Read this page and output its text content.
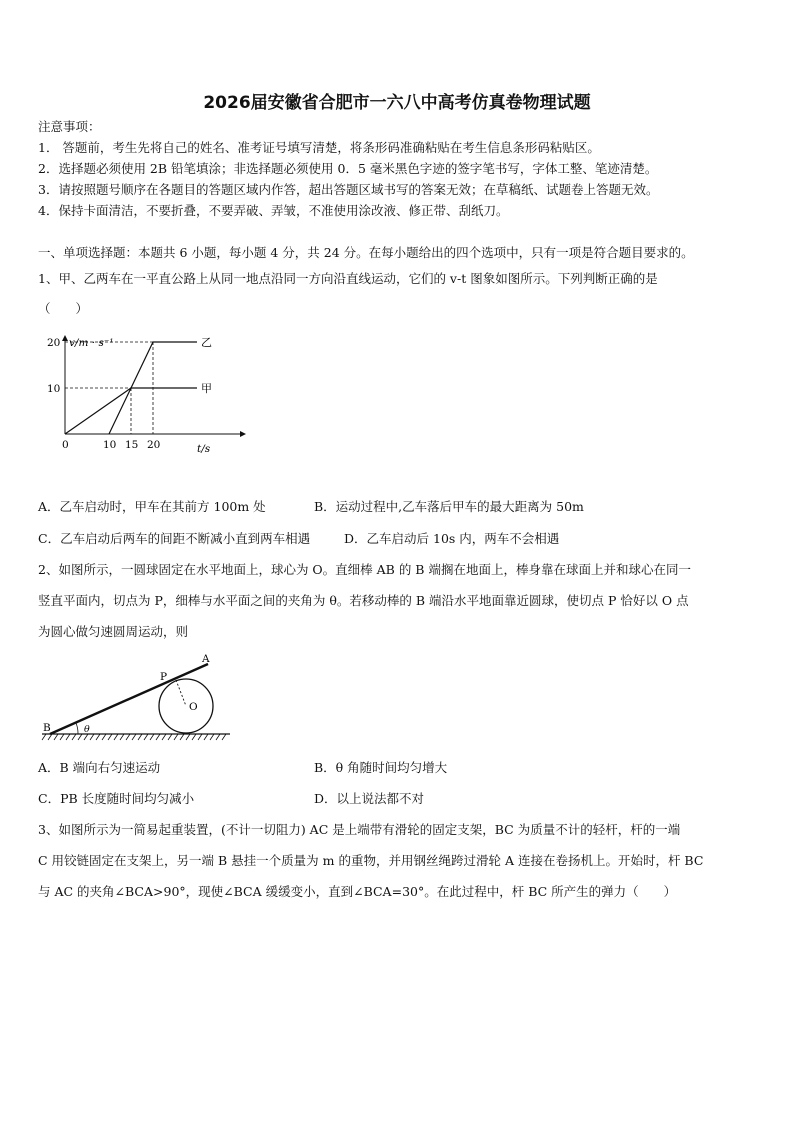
2026届安徽省合肥市一六八中高考仿真卷物理试题
注意事项：
1． 答题前，考生先将自己的姓名、准考证号填写清楚，将条形码准确粘贴在考生信息条形码粘贴区。
2．选择题必须使用 2B 铅笔填涂；非选择题必须使用 0．5 毫米黑色字迹的签字笔书写，字体工整、笔迹清楚。
3．请按照题号顺序在各题目的答题区域内作答，超出答题区域书写的答案无效；在草稿纸、试题卷上答题无效。
4．保持卡面清洁，不要折叠，不要弄破、弄皱，不准使用涂改液、修正带、刮纸刀。
一、单项选择题：本题共 6 小题，每小题 4 分，共 24 分。在每小题给出的四个选项中，只有一项是符合题目要求的。
1、甲、乙两车在一平直公路上从同一地点沿同一方向沿直线运动，它们的 v-t 图象如图所示。下列判断正确的是
（　　）
甲
乙
0	10 15 20
10
20 v/m · s⁻¹
t/s
A．乙车启动时，甲车在其前方 100m 处	B．运动过程中,乙车落后甲车的最大距离为 50m
C．乙车启动后两车的间距不断减小直到两车相遇	D．乙车启动后 10s 内，两车不会相遇
2、如图所示，一圆球固定在水平地面上，球心为 O。直细棒 AB 的 B 端搁在地面上，棒身靠在球面上并和球心在同一
竖直平面内，切点为 P，细棒与水平面之间的夹角为 θ。若移动棒的 B 端沿水平地面靠近圆球，使切点 P 恰好以 O 点
为圆心做匀速圆周运动，则
A
P
O
B	θ
A．B 端向右匀速运动	B．θ 角随时间均匀增大
C．PB 长度随时间均匀减小	D．以上说法都不对
3、如图所示为一简易起重装置，(不计一切阻力) AC 是上端带有滑轮的固定支架，BC 为质量不计的轻杆，杆的一端
C 用铰链固定在支架上，另一端 B 悬挂一个质量为 m 的重物，并用钢丝绳跨过滑轮 A 连接在卷扬机上。开始时，杆 BC
与 AC 的夹角∠BCA>90°，现使∠BCA 缓缓变小，直到∠BCA=30°。在此过程中，杆 BC 所产生的弹力（　　）
